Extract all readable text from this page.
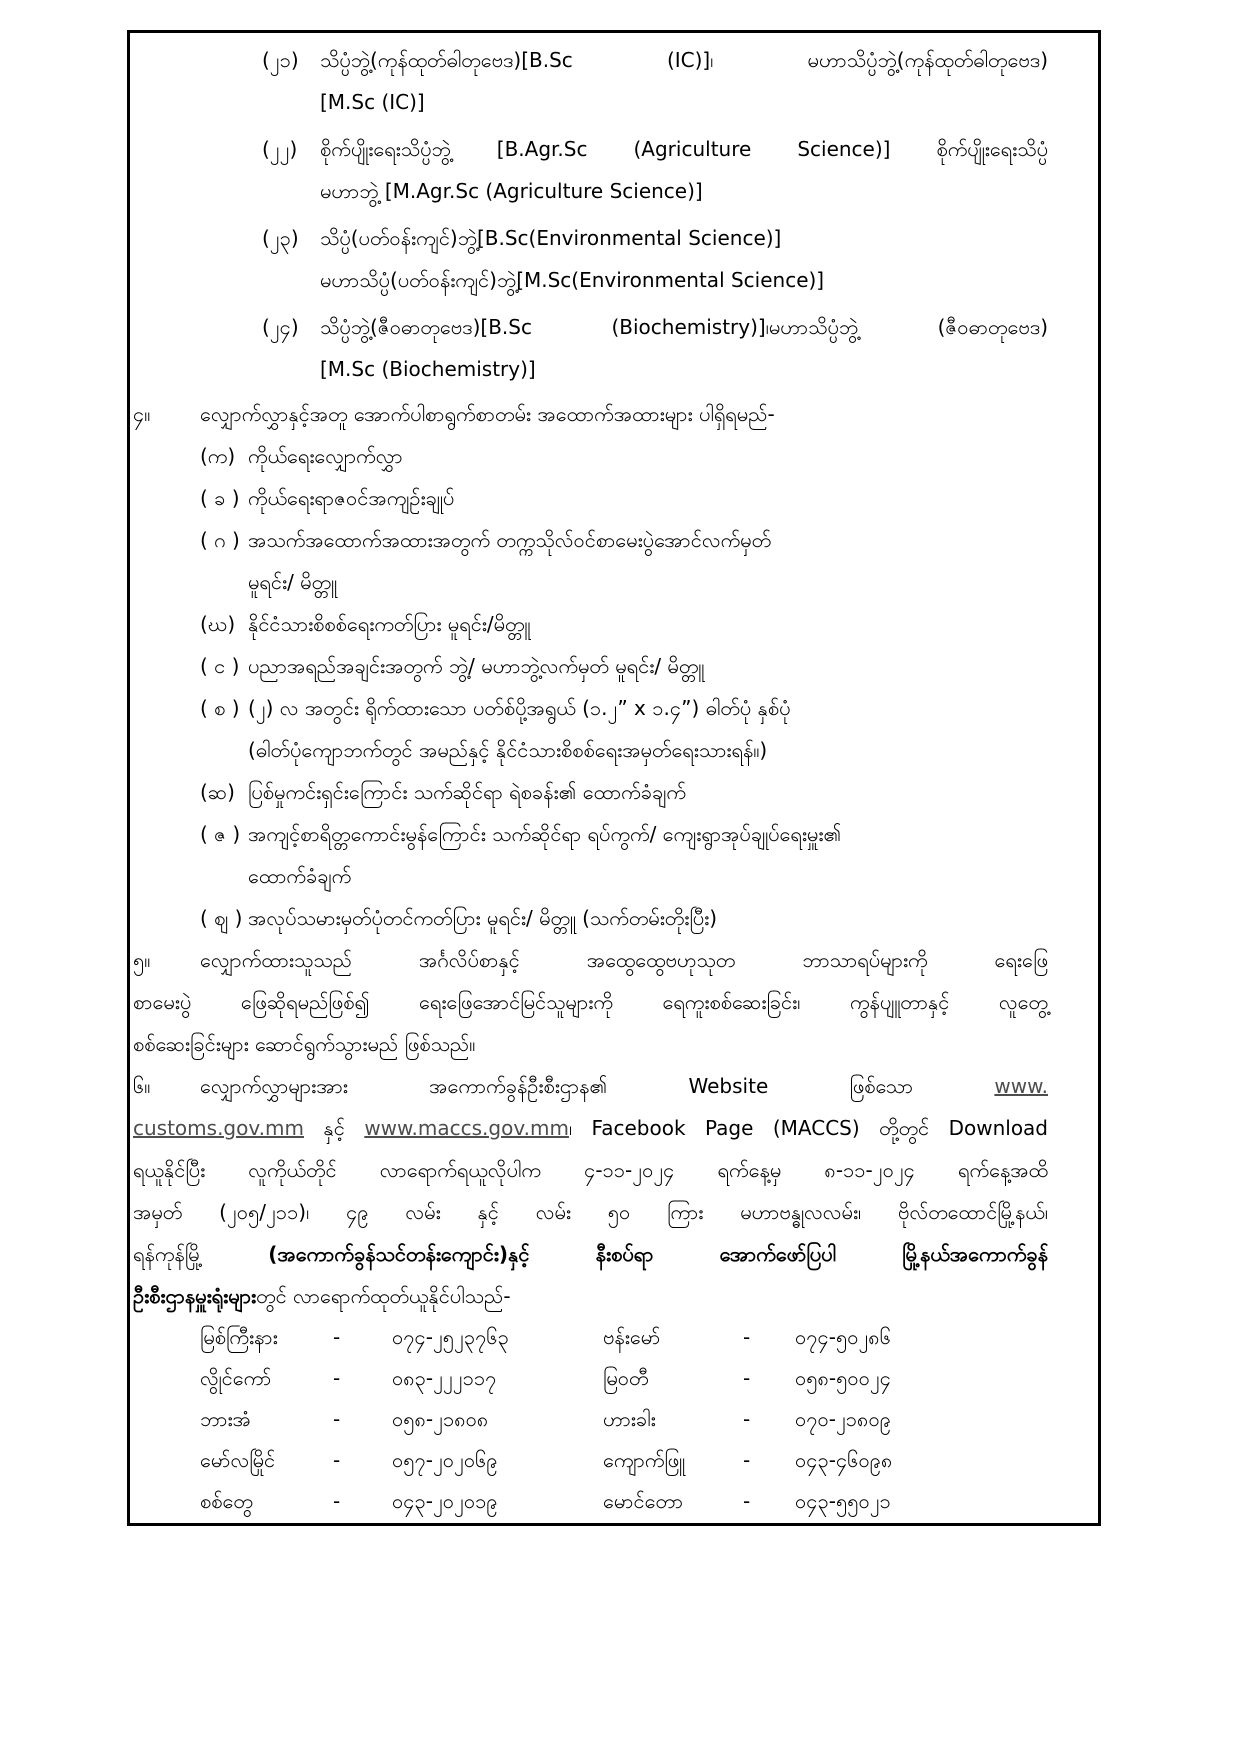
(၂၁)	သိပ္ပံဘွဲ့(ကုန်ထုတ်ဓါတုဗေဒ)[B.Sc (IC)]၊ မဟာသိပ္ပံဘွဲ့(ကုန်ထုတ်ဓါတုဗေဒ)
[M.Sc (IC)]
(၂၂)	စိုက်ပျိုးရေးသိပ္ပံဘွဲ့ [B.Agr.Sc (Agriculture Science)] စိုက်ပျိုးရေးသိပ္ပံ
မဟာဘွဲ့ [M.Agr.Sc (Agriculture Science)]
(၂၃)	သိပ္ပံ(ပတ်ဝန်းကျင်)ဘွဲ့[B.Sc(Environmental Science)]
မဟာသိပ္ပံ(ပတ်ဝန်းကျင်)ဘွဲ့[M.Sc(Environmental Science)]
(၂၄)	သိပ္ပံဘွဲ့(ဇီဝဓာတုဗေဒ)[B.Sc (Biochemistry)]၊မဟာသိပ္ပံဘွဲ့ (ဇီဝဓာတုဗေဒ)
[M.Sc (Biochemistry)]
၄။	လျှောက်လွှာနှင့်အတူ အောက်ပါစာရွက်စာတမ်း အထောက်အထားများ ပါရှိရမည်-
(က) ကိုယ်ရေးလျှောက်လွှာ
( ခ ) ကိုယ်ရေးရာဇဝင်အကျဉ်းချုပ်
( ဂ ) အသက်အထောက်အထားအတွက် တက္ကသိုလ်ဝင်စာမေးပွဲအောင်လက်မှတ်
မူရင်း/ မိတ္တူ
(ဃ) နိုင်ငံသားစိစစ်ရေးကတ်ပြား မူရင်း/မိတ္တူ
( င ) ပညာအရည်အချင်းအတွက် ဘွဲ့/ မဟာဘွဲ့လက်မှတ် မူရင်း/ မိတ္တူ
( စ ) (၂) လ အတွင်း ရိုက်ထားသော ပတ်စ်ပို့အရွယ် (၁.၂” x ၁.၄”) ဓါတ်ပုံ နှစ်ပုံ
(ဓါတ်ပုံကျောဘက်တွင် အမည်နှင့် နိုင်ငံသားစိစစ်ရေးအမှတ်ရေးသားရန်။)
(ဆ) ပြစ်မှုကင်းရှင်းကြောင်း သက်ဆိုင်ရာ ရဲစခန်း၏ ထောက်ခံချက်
( ဇ ) အကျင့်စာရိတ္တကောင်းမွန်ကြောင်း သက်ဆိုင်ရာ ရပ်ကွက်/ ကျေးရွာအုပ်ချုပ်ရေးမှူး၏
ထောက်ခံချက်
( ဈ ) အလုပ်သမားမှတ်ပုံတင်ကတ်ပြား မူရင်း/ မိတ္တူ (သက်တမ်းတိုးပြီး)
၅။	လျှောက်ထားသူသည် အင်္ဂလိပ်စာနှင့် အထွေထွေဗဟုသုတ ဘာသာရပ်များကို ရေးဖြေ
စာမေးပွဲ ဖြေဆိုရမည်ဖြစ်၍ ရေးဖြေအောင်မြင်သူများကို ရေကူးစစ်ဆေးခြင်း၊ ကွန်ပျူတာနှင့် လူတွေ့
စစ်ဆေးခြင်းများ ဆောင်ရွက်သွားမည် ဖြစ်သည်။
၆။	လျှောက်လွှာများအား အကောက်ခွန်ဦးစီးဌာန၏ Website ဖြစ်သော	www.
customs.gov.mm နှင့် www.maccs.gov.mm၊ Facebook Page (MACCS) တို့တွင် Download
ရယူနိုင်ပြီး လူကိုယ်တိုင် လာရောက်ရယူလိုပါက ၄-၁၁-၂၀၂၄ ရက်နေ့မှ ၈-၁၁-၂၀၂၄ ရက်နေ့အထိ
အမှတ် (၂၀၅/၂၁၁)၊ ၄၉ လမ်း နှင့် လမ်း ၅၀ ကြား မဟာဗန္ဓုလလမ်း၊ ဗိုလ်တထောင်မြို့နယ်၊
ရန်ကုန်မြို့	(အကောက်ခွန်သင်တန်းကျောင်း)နှင့် နီးစပ်ရာ အောက်ဖော်ပြပါ မြို့နယ်အကောက်ခွန်
ဦးစီးဌာနမှူးရုံးများတွင် လာရောက်ထုတ်ယူနိုင်ပါသည်-
မြစ်ကြီးနား	-	၀၇၄-၂၅၂၃၇၆၃	ဗန်းမော်	-	၀၇၄-၅၀၂၈၆
လွိုင်ကော်	-	၀၈၃-၂၂၂၁၁၇	မြဝတီ	-	၀၅၈-၅၀၀၂၄
ဘားအံ	-	၀၅၈-၂၁၈၀၈	ဟားခါး	-	၀၇၀-၂၁၈၀၉
မော်လမြိုင်	-	၀၅၇-၂၀၂၀၆၉	ကျောက်ဖြူ	-	၀၄၃-၄၆၀၉၈
စစ်တွေ	-	၀၄၃-၂၀၂၀၁၉	မောင်တော	-	၀၄၃-၅၅၀၂၁
